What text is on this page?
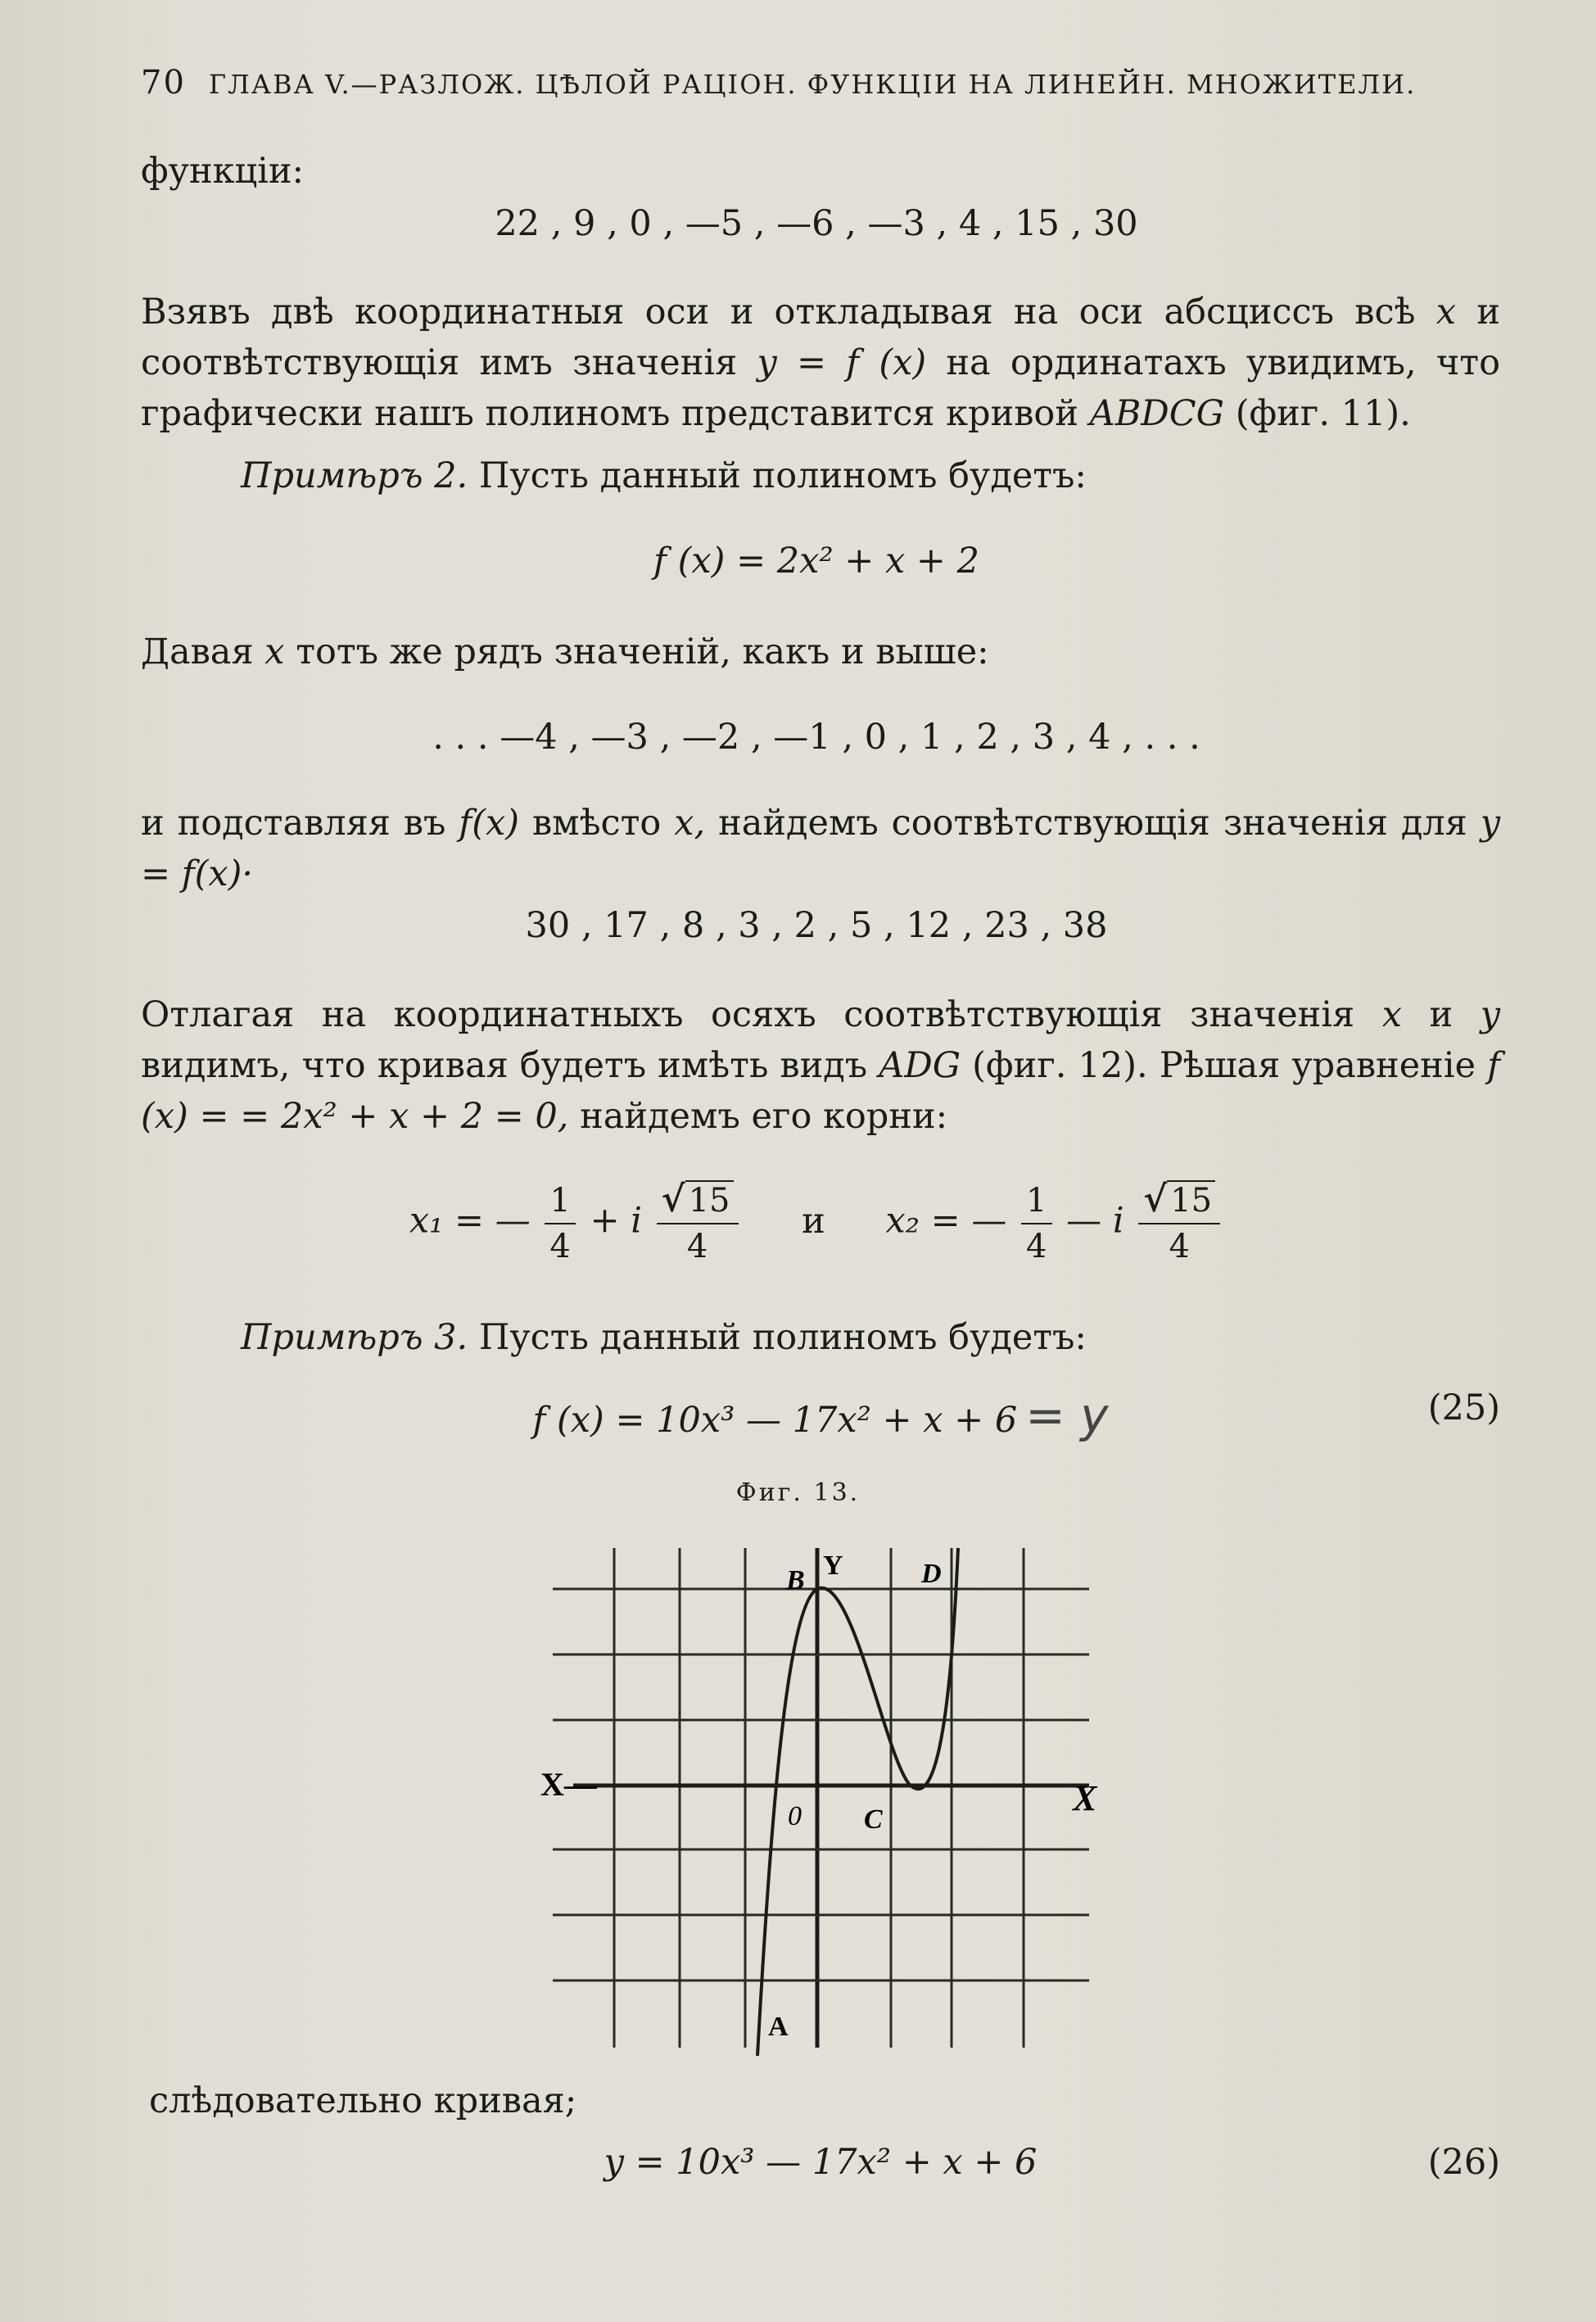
70 ГЛАВА V.—РАЗЛОЖ. ЦѢЛОЙ РАЦІОН. ФУНКЦІИ НА ЛИНЕЙН. МНОЖИТЕЛИ.

функціи:

22 , 9 , 0 , —5 , —6 , —3 , 4 , 15 , 30

Взявъ двѣ координатныя оси и откладывая на оси абсциссъ всѣ x и соотвѣтствующія имъ значенія y = f (x) на ординатахъ увидимъ, что графически нашъ полиномъ представится кривой ABDCG (фиг. 11).

Примѣръ 2. Пусть данный полиномъ будетъ:

f (x) = 2x² + x + 2

Давая x тотъ же рядъ значеній, какъ и выше:

. . . —4 , —3 , —2 , —1 , 0 , 1 , 2 , 3 , 4 , . . .

и подставляя въ f(x) вмѣсто x, найдемъ соотвѣтствующія значенія для y = f(x)·

30 , 17 , 8 , 3 , 2 , 5 , 12 , 23 , 38

Отлагая на координатныхъ осяхъ соотвѣтствующія значенія x и y видимъ, что кривая будетъ имѣть видъ ADG (фиг. 12). Рѣшая уравненіе f (x) = = 2x² + x + 2 = 0, найдемъ его корни:

x₁ = — $\frac{1}{4} + i \frac{√ 15}{4}$ и x₂ = — $\frac{1}{4}$ — i $\frac{√ 15}{4}$

Примѣръ 3. Пусть данный полиномъ будетъ:

f (x) = 10x³ — 17x² + x + 6 = y	(25)
Фиг. 13.
B Y	D
X—	X
0 C
A

слѣдовательно кривая;

y = 10x³ — 17x² + x + 6	(26)
